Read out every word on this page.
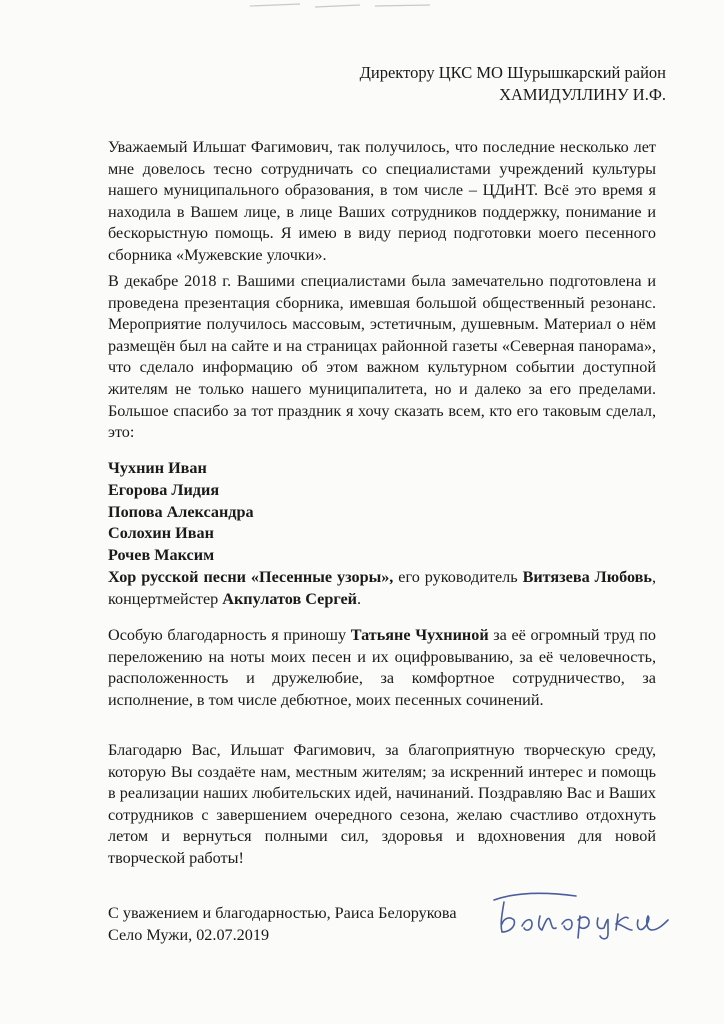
Директору ЦКС МО Шурышкарский район
ХАМИДУЛЛИНУ И.Ф.

Уважаемый Ильшат Фагимович, так получилось, что последние несколько лет мне довелось тесно сотрудничать со специалистами учреждений культуры нашего муниципального образования, в том числе – ЦДиНТ. Всё это время я находила в Вашем лице, в лице Ваших сотрудников поддержку, понимание и бескорыстную помощь. Я имею в виду период подготовки моего песенного сборника «Мужевские улочки».

В декабре 2018 г. Вашими специалистами была замечательно подготовлена и проведена презентация сборника, имевшая большой общественный резонанс. Мероприятие получилось массовым, эстетичным, душевным. Материал о нём размещён был на сайте и на страницах районной газеты «Северная панорама», что сделало информацию об этом важном культурном событии доступной жителям не только нашего муниципалитета, но и далеко за его пределами. Большое спасибо за тот праздник я хочу сказать всем, кто его таковым сделал, это:

Чухнин Иван
Егорова Лидия
Попова Александра
Солохин Иван
Рочев Максим
Хор русской песни «Песенные узоры», его руководитель Витязева Любовь, концертмейстер Акпулатов Сергей.

Особую благодарность я приношу Татьяне Чухниной за её огромный труд по переложению на ноты моих песен и их оцифровыванию, за её человечность, расположенность и дружелюбие, за комфортное сотрудничество, за исполнение, в том числе дебютное, моих песенных сочинений.

Благодарю Вас, Ильшат Фагимович, за благоприятную творческую среду, которую Вы создаёте нам, местным жителям; за искренний интерес и помощь в реализации наших любительских идей, начинаний. Поздравляю Вас и Ваших сотрудников с завершением очередного сезона, желаю счастливо отдохнуть летом и вернуться полными сил, здоровья и вдохновения для новой творческой работы!

С уважением и благодарностью, Раиса Белорукова
Село Мужи, 02.07.2019
